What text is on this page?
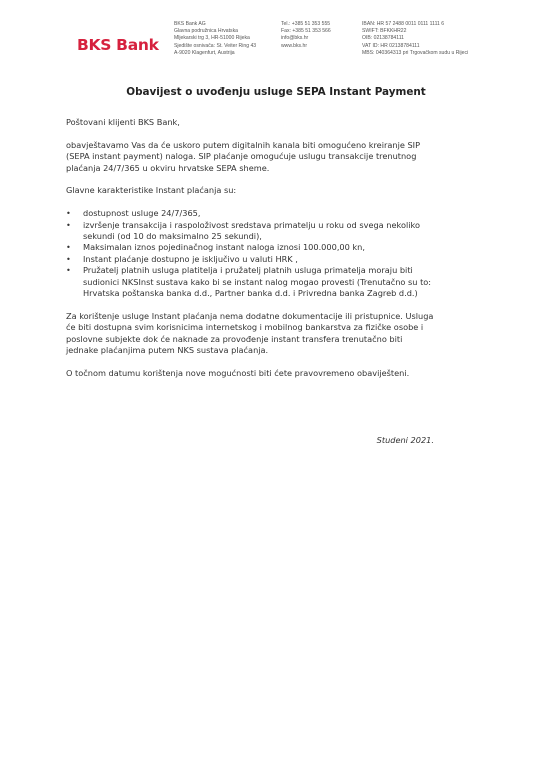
BKS Bank
BKS Bank AG
Glavna podružnica Hrvatska
Mljekarski trg 3, HR-51000 Rijeka
Sjedište osnivača: St. Veiter Ring 43
A-9020 Klagenfurt, Austrija
Tel.: +385 51 353 555
Fax: +385 51 353 566
info@bks.hr
www.bks.hr
IBAN: HR 57 2488 0011 0111 1111 6
SWIFT: BFKKHR22
OIB: 02138784111
VAT ID: HR 02138784111
MBS: 040364313 pri Trgovačkom sudu u Rijeci
Obavijest o uvođenju usluge SEPA Instant Payment

Poštovani klijenti BKS Bank,

obavještavamo Vas da će uskoro putem digitalnih kanala biti omogućeno kreiranje SIP
(SEPA instant payment) naloga. SIP plaćanje omogućuje uslugu transakcije trenutnog
plaćanja 24/7/365 u okviru hrvatske SEPA sheme.

Glavne karakteristike Instant plaćanja su:

•	dostupnost usluge 24/7/365,
•	izvršenje transakcija i raspoloživost sredstava primatelju u roku od svega nekoliko
sekundi (od 10 do maksimalno 25 sekundi),
•	Maksimalan iznos pojedinačnog instant naloga iznosi 100.000,00 kn,
•	Instant plaćanje dostupno je isključivo u valuti HRK ,
•	Pružatelj platnih usluga platitelja i pružatelj platnih usluga primatelja moraju biti
sudionici NKSInst sustava kako bi se instant nalog mogao provesti (Trenutačno su to:
Hrvatska poštanska banka d.d., Partner banka d.d. i Privredna banka Zagreb d.d.)

Za korištenje usluge Instant plaćanja nema dodatne dokumentacije ili pristupnice. Usluga
će biti dostupna svim korisnicima internetskog i mobilnog bankarstva za fizičke osobe i
poslovne subjekte dok će naknade za provođenje instant transfera trenutačno biti
jednake plaćanjima putem NKS sustava plaćanja.

O točnom datumu korištenja nove mogućnosti biti ćete pravovremeno obaviješteni.

Studeni 2021.
